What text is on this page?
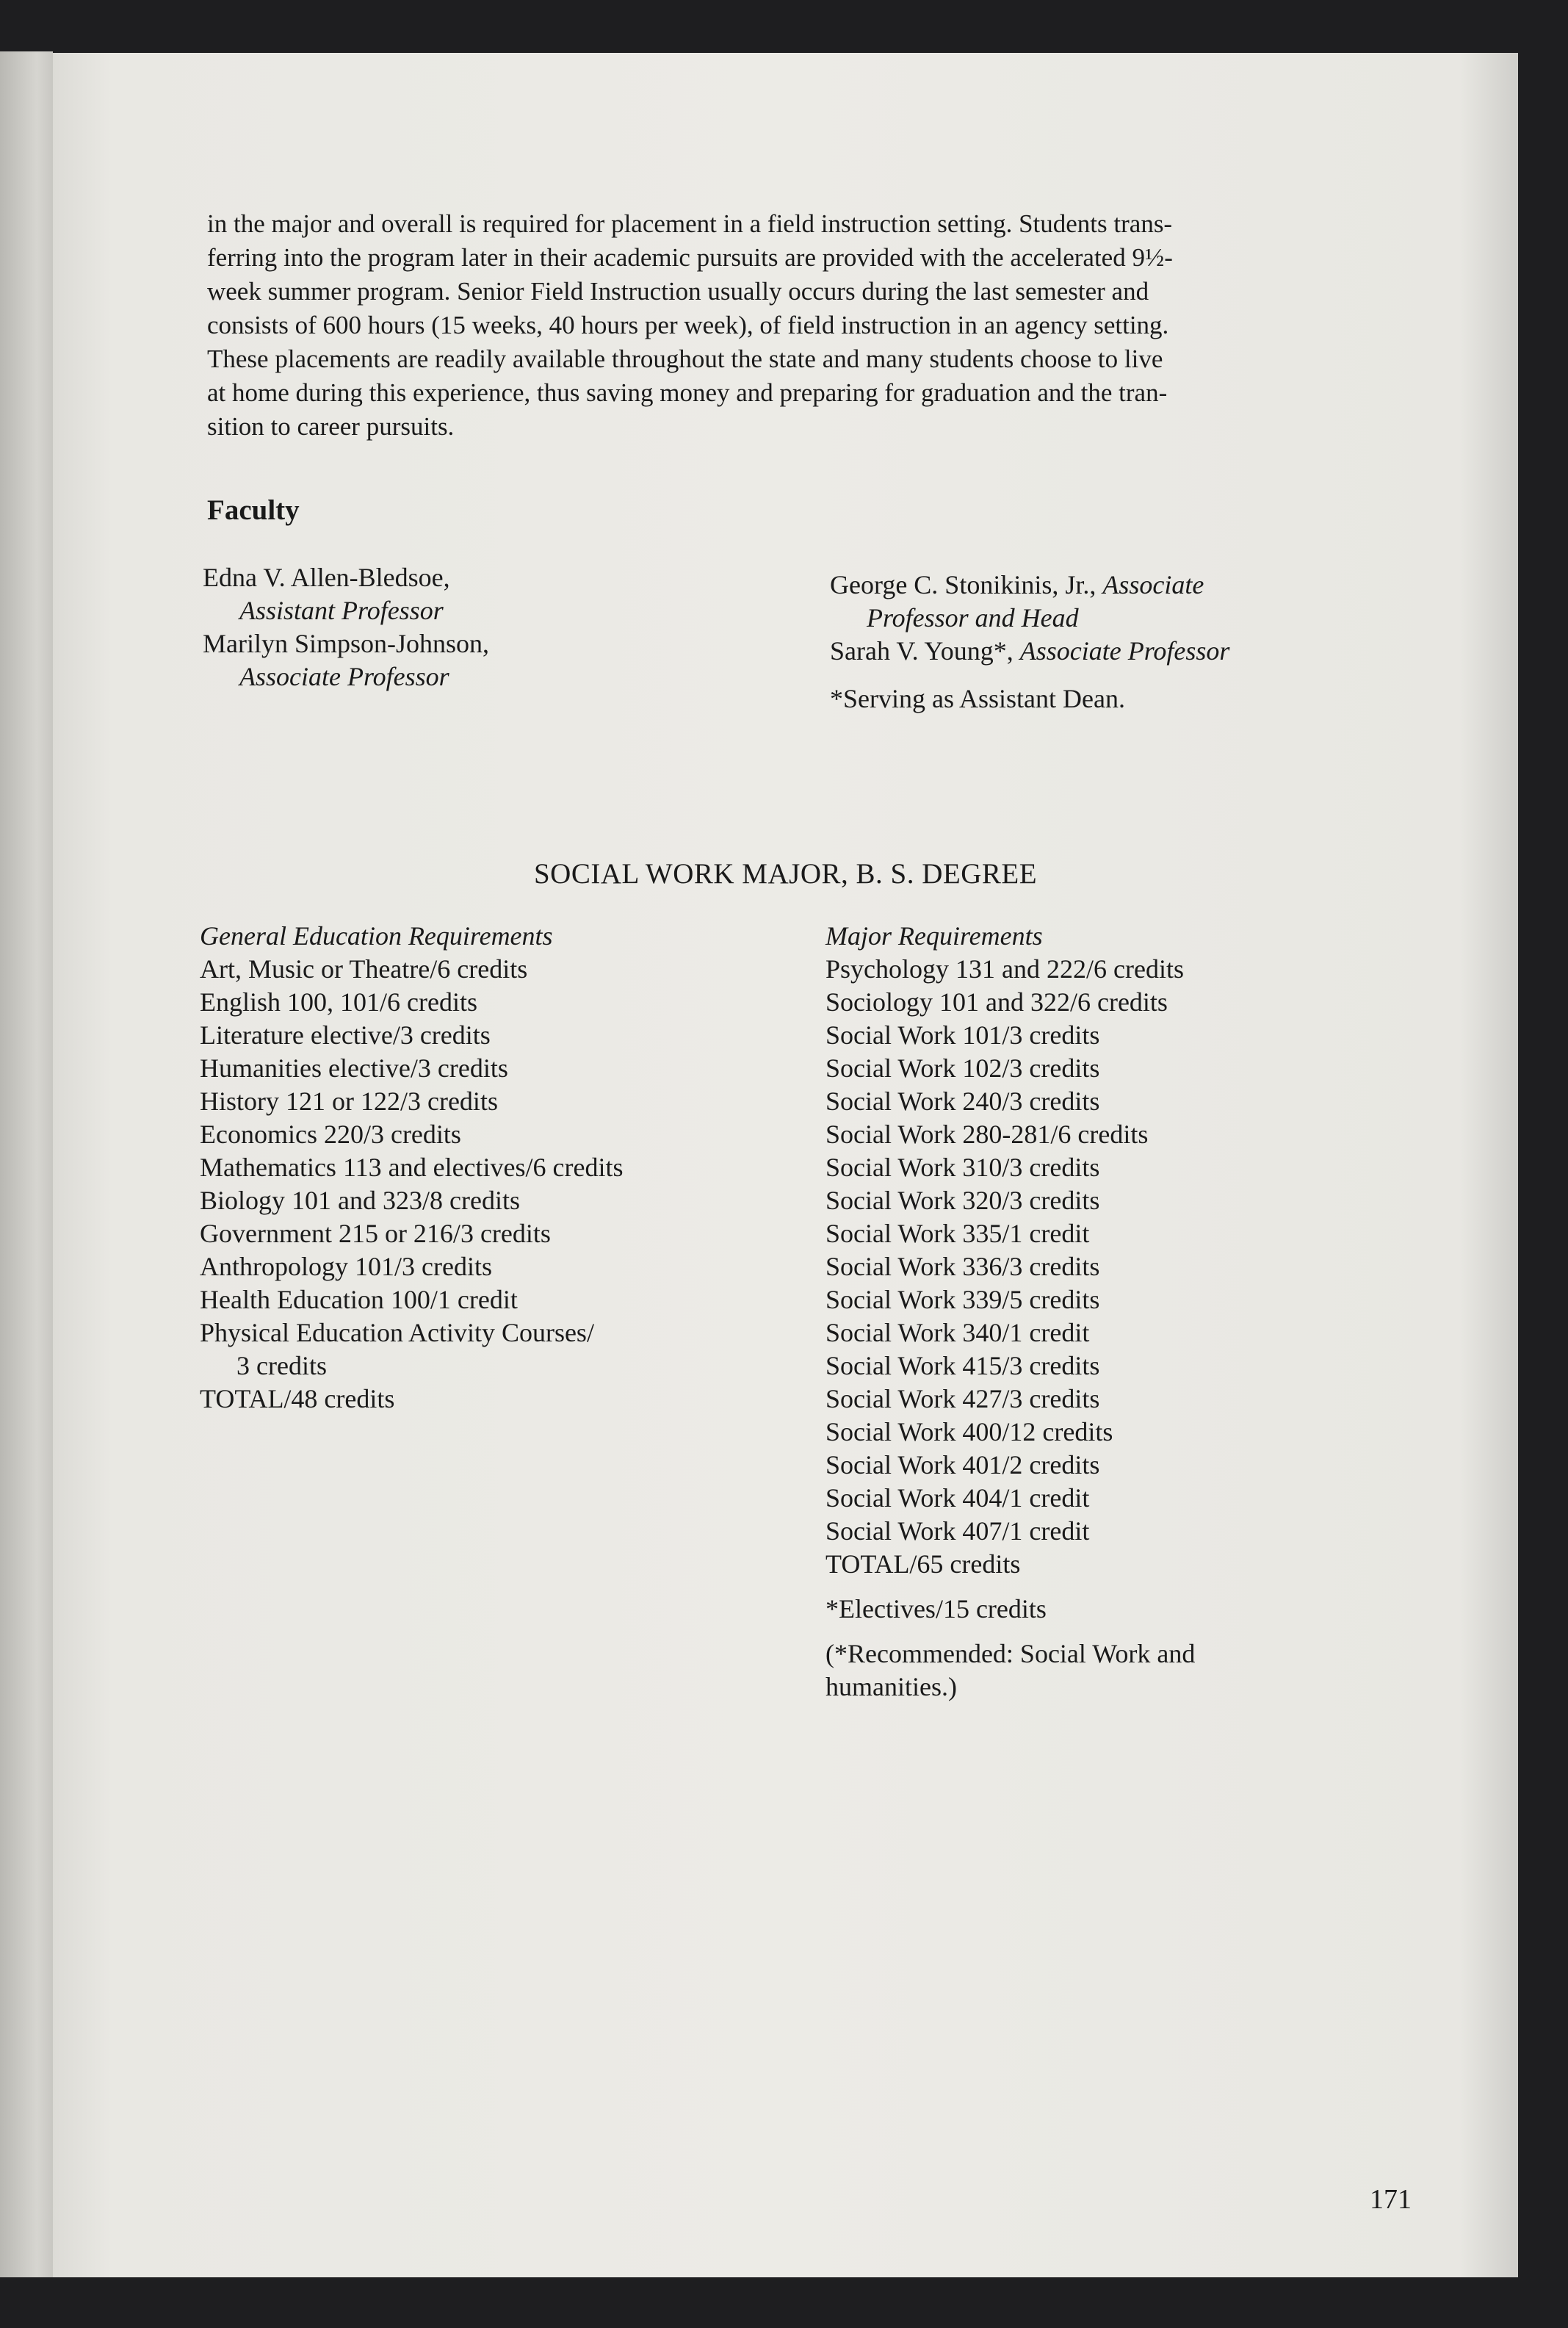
in the major and overall is required for placement in a field instruction setting. Students trans-
ferring into the program later in their academic pursuits are provided with the accelerated 9½-
week summer program. Senior Field Instruction usually occurs during the last semester and
consists of 600 hours (15 weeks, 40 hours per week), of field instruction in an agency setting.
These placements are readily available throughout the state and many students choose to live
at home during this experience, thus saving money and preparing for graduation and the tran-
sition to career pursuits.
Faculty
Edna V. Allen-Bledsoe,
Assistant Professor
Marilyn Simpson-Johnson,
Associate Professor
George C. Stonikinis, Jr., Associate
Professor and Head
Sarah V. Young*, Associate Professor
*Serving as Assistant Dean.
SOCIAL WORK MAJOR, B. S. DEGREE
General Education Requirements
Art, Music or Theatre/6 credits
English 100, 101/6 credits
Literature elective/3 credits
Humanities elective/3 credits
History 121 or 122/3 credits
Economics 220/3 credits
Mathematics 113 and electives/6 credits
Biology 101 and 323/8 credits
Government 215 or 216/3 credits
Anthropology 101/3 credits
Health Education 100/1 credit
Physical Education Activity Courses/
3 credits
TOTAL/48 credits
Major Requirements
Psychology 131 and 222/6 credits
Sociology 101 and 322/6 credits
Social Work 101/3 credits
Social Work 102/3 credits
Social Work 240/3 credits
Social Work 280-281/6 credits
Social Work 310/3 credits
Social Work 320/3 credits
Social Work 335/1 credit
Social Work 336/3 credits
Social Work 339/5 credits
Social Work 340/1 credit
Social Work 415/3 credits
Social Work 427/3 credits
Social Work 400/12 credits
Social Work 401/2 credits
Social Work 404/1 credit
Social Work 407/1 credit
TOTAL/65 credits
*Electives/15 credits
(*Recommended: Social Work and
humanities.)
171
